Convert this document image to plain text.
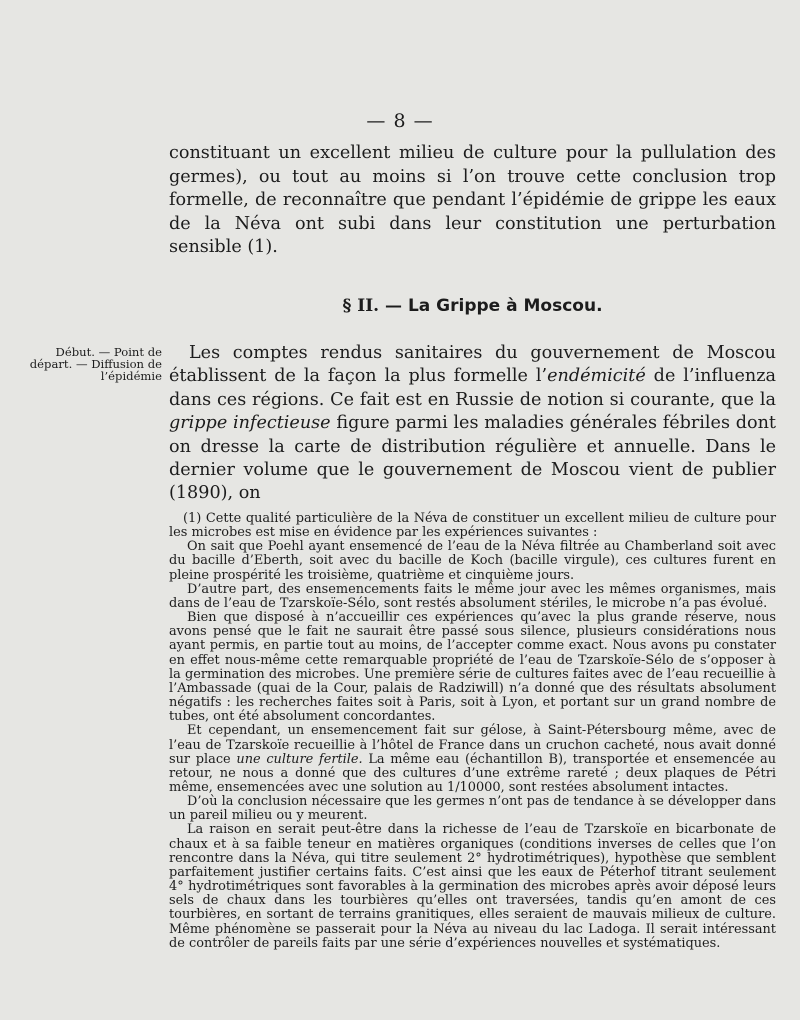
— 8 —

constituant un excellent milieu de culture pour la pullulation des germes), ou tout au moins si l’on trouve cette conclusion trop formelle, de reconnaître que pendant l’épidémie de grippe les eaux de la Néva ont subi dans leur constitution une perturbation sensible (1).

§ II. — La Grippe à Moscou.

Début. — Point de départ. — Diffusion de l’épidémie

Les comptes rendus sanitaires du gouvernement de Moscou établissent de la façon la plus formelle l’endémicité de l’influenza dans ces régions. Ce fait est en Russie de notion si courante, que la grippe infectieuse figure parmi les maladies générales fébriles dont on dresse la carte de distribution régulière et annuelle. Dans le dernier volume que le gouvernement de Moscou vient de publier (1890), on

(1) Cette qualité particulière de la Néva de constituer un excellent milieu de culture pour les microbes est mise en évidence par les expériences suivantes :

On sait que Poehl ayant ensemencé de l’eau de la Néva filtrée au Chamberland soit avec du bacille d’Eberth, soit avec du bacille de Koch (bacille virgule), ces cultures furent en pleine prospérité les troisième, quatrième et cinquième jours.

D’autre part, des ensemencements faits le même jour avec les mêmes organismes, mais dans de l’eau de Tzarskoïe-Sélo, sont restés absolument stériles, le microbe n’a pas évolué.

Bien que disposé à n’accueillir ces expériences qu’avec la plus grande réserve, nous avons pensé que le fait ne saurait être passé sous silence, plusieurs considérations nous ayant permis, en partie tout au moins, de l’accepter comme exact. Nous avons pu constater en effet nous-même cette remarquable propriété de l’eau de Tzarskoïe-Sélo de s’opposer à la germination des microbes. Une première série de cultures faites avec de l’eau recueillie à l’Ambassade (quai de la Cour, palais de Radziwill) n’a donné que des résultats absolument négatifs : les recherches faites soit à Paris, soit à Lyon, et portant sur un grand nombre de tubes, ont été absolument concordantes.

Et cependant, un ensemencement fait sur gélose, à Saint-Pétersbourg même, avec de l’eau de Tzarskoïe recueillie à l’hôtel de France dans un cruchon cacheté, nous avait donné sur place une culture fertile. La même eau (échantillon B), transportée et ensemencée au retour, ne nous a donné que des cultures d’une extrême rareté ; deux plaques de Pétri même, ensemencées avec une solution au 1/10000, sont restées absolument intactes.

D’où la conclusion nécessaire que les germes n’ont pas de tendance à se développer dans un pareil milieu ou y meurent.

La raison en serait peut-être dans la richesse de l’eau de Tzarskoïe en bicarbonate de chaux et à sa faible teneur en matières organiques (conditions inverses de celles que l’on rencontre dans la Néva, qui titre seulement 2° hydrotimétriques), hypothèse que semblent parfaitement justifier certains faits. C’est ainsi que les eaux de Péterhof titrant seulement 4° hydrotimétriques sont favorables à la germination des microbes après avoir déposé leurs sels de chaux dans les tourbières qu’elles ont traversées, tandis qu’en amont de ces tourbières, en sortant de terrains granitiques, elles seraient de mauvais milieux de culture. Même phénomène se passerait pour la Néva au niveau du lac Ladoga. Il serait intéressant de contrôler de pareils faits par une série d’expériences nouvelles et systématiques.
